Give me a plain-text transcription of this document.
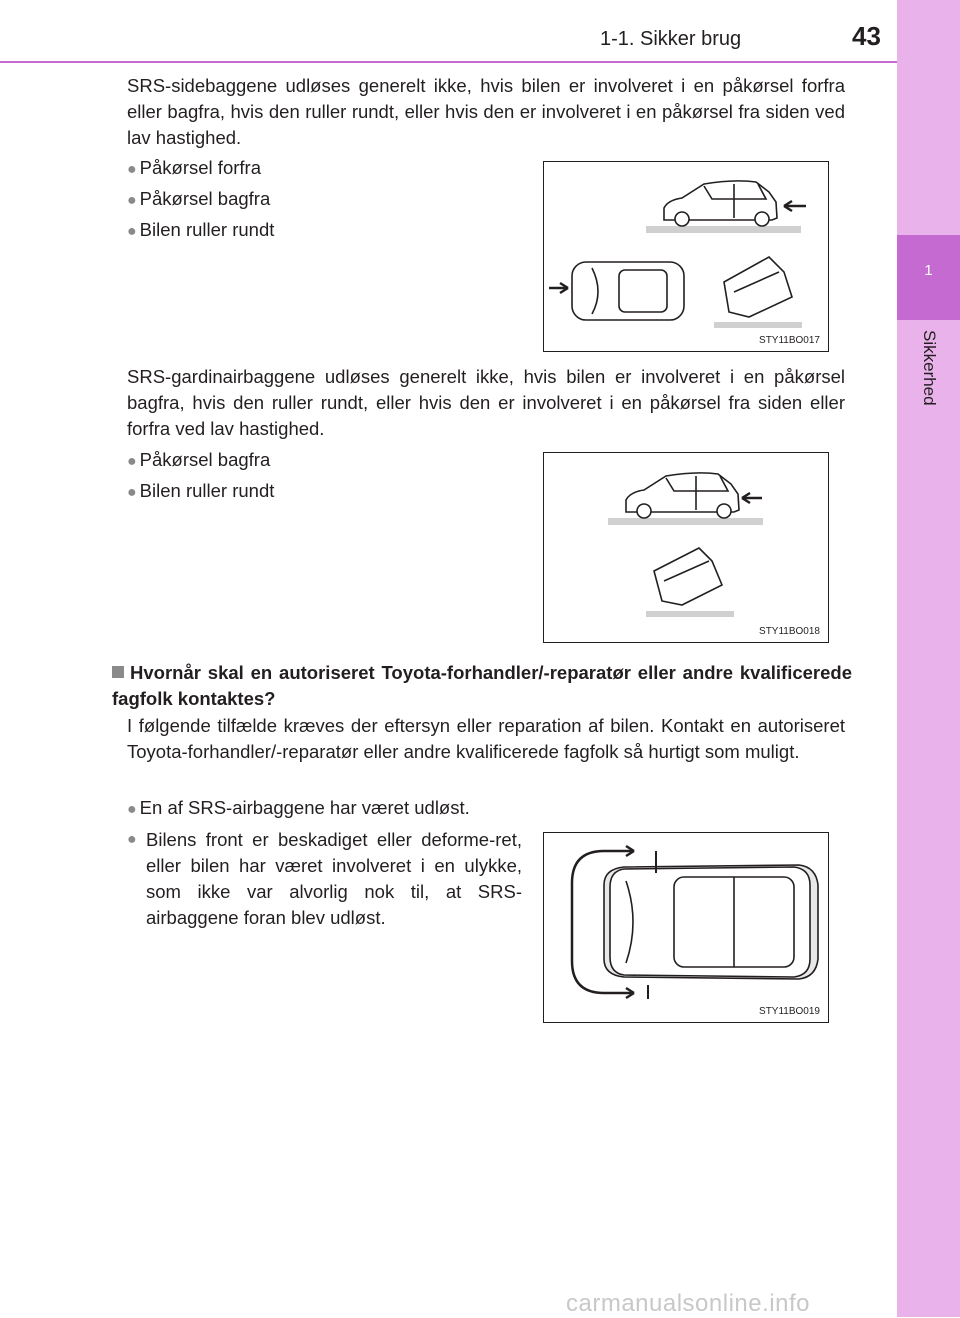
1
Sikkerhed
1-1. Sikker brug	43

SRS-sidebaggene udløses generelt ikke, hvis bilen er involveret i en påkørsel forfra eller bagfra, hvis den ruller rundt, eller hvis den er involveret i en påkørsel fra siden ved lav hastighed.

● Påkørsel forfra
● Påkørsel bagfra
● Bilen ruller rundt
STY11BO017

SRS-gardinairbaggene udløses generelt ikke, hvis bilen er involveret i en påkørsel bagfra, hvis den ruller rundt, eller hvis den er involveret i en påkørsel fra siden eller forfra ved lav hastighed.

● Påkørsel bagfra
● Bilen ruller rundt
STY11BO018
Hvornår skal en autoriseret Toyota-forhandler/-reparatør eller andre kvalificerede fagfolk kontaktes?

I følgende tilfælde kræves der eftersyn eller reparation af bilen. Kontakt en autoriseret Toyota-forhandler/-reparatør eller andre kvalificerede fagfolk så hurtigt som muligt.

● En af SRS-airbaggene har været udløst.
● Bilens front er beskadiget eller deforme-ret, eller bilen har været involveret i en ulykke, som ikke var alvorlig nok til, at SRS-airbaggene foran blev udløst.
STY11BO019
carmanualsonline.info
